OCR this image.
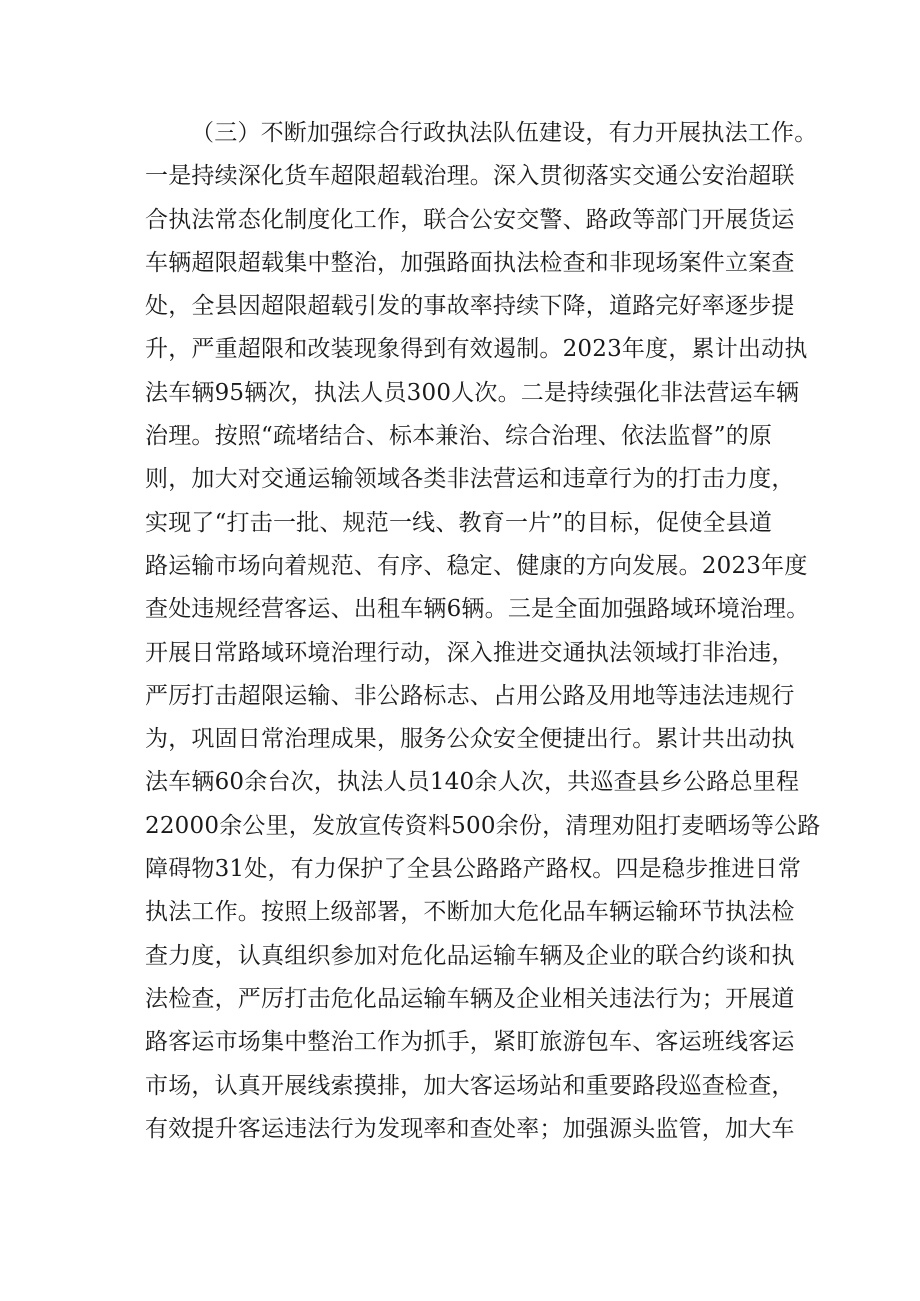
（三）不断加强综合行政执法队伍建设，有力开展执法工作。
一是持续深化货车超限超载治理。深入贯彻落实交通公安治超联
合执法常态化制度化工作，联合公安交警、路政等部门开展货运
车辆超限超载集中整治，加强路面执法检查和非现场案件立案查
处，全县因超限超载引发的事故率持续下降，道路完好率逐步提
升，严重超限和改装现象得到有效遏制。2023年度，累计出动执
法车辆95辆次，执法人员300人次。二是持续强化非法营运车辆
治理。按照“疏堵结合、标本兼治、综合治理、依法监督”的原
则，加大对交通运输领域各类非法营运和违章行为的打击力度，
实现了“打击一批、规范一线、教育一片”的目标，促使全县道
路运输市场向着规范、有序、稳定、健康的方向发展。2023年度
查处违规经营客运、出租车辆6辆。三是全面加强路域环境治理。
开展日常路域环境治理行动，深入推进交通执法领域打非治违，
严厉打击超限运输、非公路标志、占用公路及用地等违法违规行
为，巩固日常治理成果，服务公众安全便捷出行。累计共出动执
法车辆60余台次，执法人员140余人次，共巡查县乡公路总里程
22000余公里，发放宣传资料500余份，清理劝阻打麦晒场等公路
障碍物31处，有力保护了全县公路路产路权。四是稳步推进日常
执法工作。按照上级部署，不断加大危化品车辆运输环节执法检
查力度，认真组织参加对危化品运输车辆及企业的联合约谈和执
法检查，严厉打击危化品运输车辆及企业相关违法行为；开展道
路客运市场集中整治工作为抓手，紧盯旅游包车、客运班线客运
市场，认真开展线索摸排，加大客运场站和重要路段巡查检查，
有效提升客运违法行为发现率和查处率；加强源头监管，加大车
